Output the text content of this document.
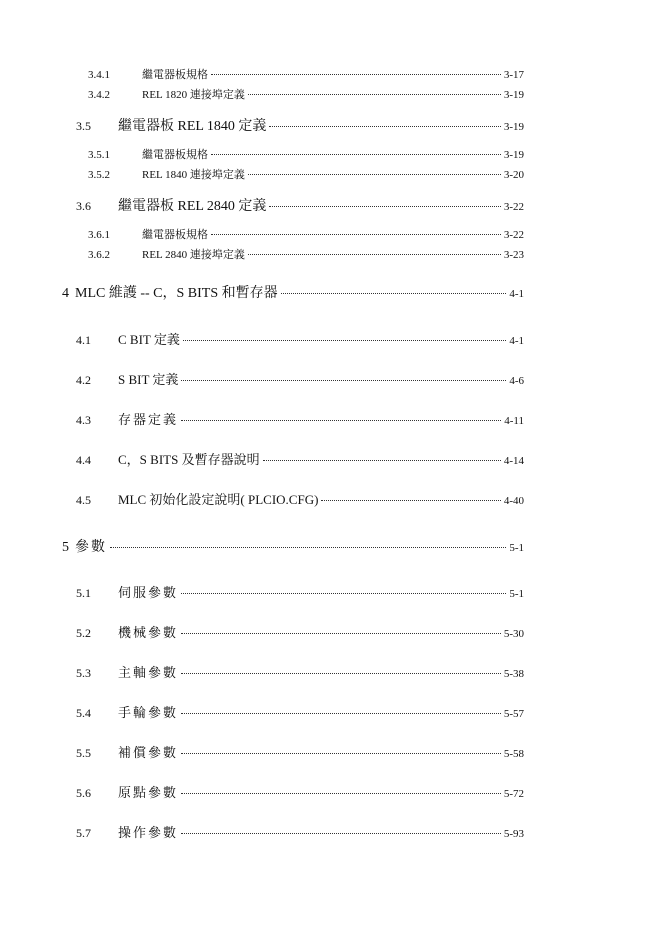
3.4.1	繼電器板規格	3-17
3.4.2	REL 1820 連接埠定義	3-19
3.5	繼電器板 REL 1840 定義	3-19
3.5.1	繼電器板規格	3-19
3.5.2	REL 1840 連接埠定義	3-20
3.6	繼電器板 REL 2840 定義	3-22
3.6.1	繼電器板規格	3-22
3.6.2	REL 2840 連接埠定義	3-23
4 MLC 維護 -- C，S BITS 和暫存器	4-1
4.1	C BIT 定義	4-1
4.2	S BIT 定義	4-6
4.3	存器定義	4-11
4.4	C，S BITS 及暫存器說明	4-14
4.5	MLC 初始化設定說明( PLCIO.CFG)	4-40
5 參數	5-1
5.1	伺服參數	5-1
5.2	機械參數	5-30
5.3	主軸參數	5-38
5.4	手輪參數	5-57
5.5	補償參數	5-58
5.6	原點參數	5-72
5.7	操作參數	5-93
